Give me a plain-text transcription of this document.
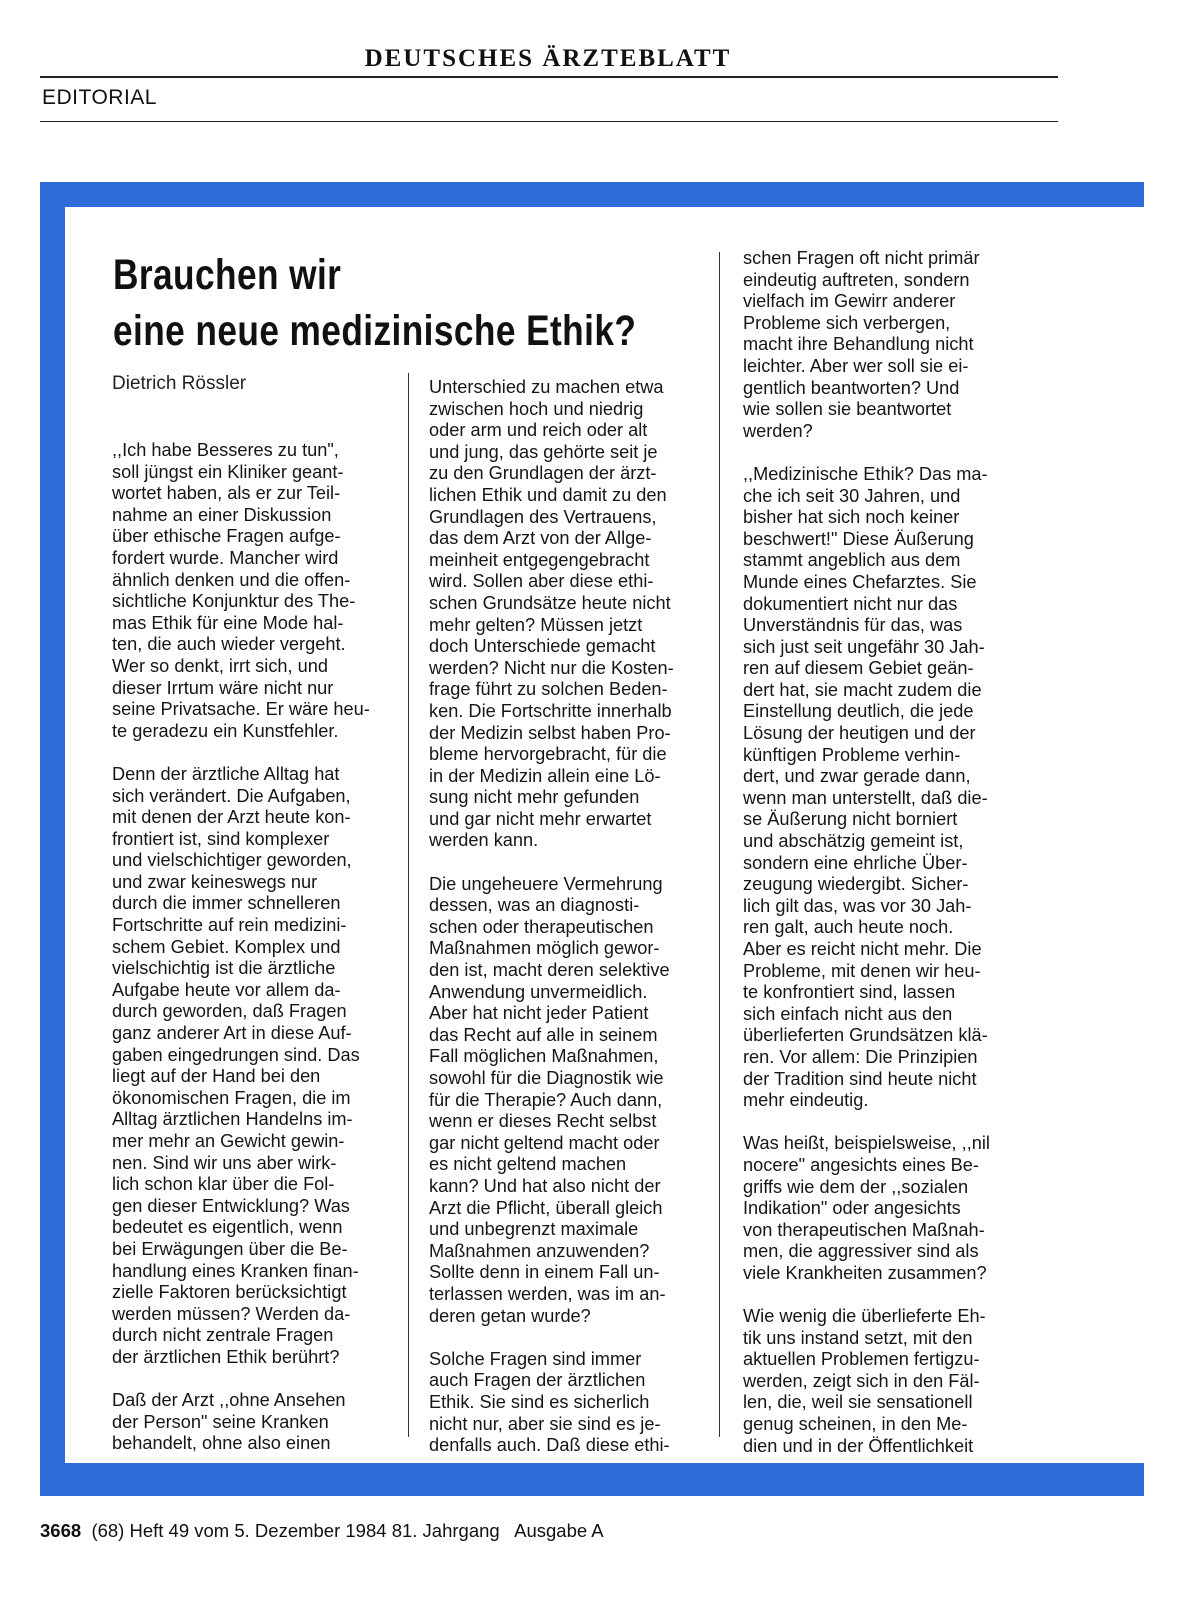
DEUTSCHES ÄRZTEBLATT
EDITORIAL
Brauchen wir
eine neue medizinische Ethik?
Dietrich Rössler

,,Ich habe Besseres zu tun",
soll jüngst ein Kliniker geant-
wortet haben, als er zur Teil-
nahme an einer Diskussion
über ethische Fragen aufge-
fordert wurde. Mancher wird
ähnlich denken und die offen-
sichtliche Konjunktur des The-
mas Ethik für eine Mode hal-
ten, die auch wieder vergeht.
Wer so denkt, irrt sich, und
dieser Irrtum wäre nicht nur
seine Privatsache. Er wäre heu-
te geradezu ein Kunstfehler.

Denn der ärztliche Alltag hat
sich verändert. Die Aufgaben,
mit denen der Arzt heute kon-
frontiert ist, sind komplexer
und vielschichtiger geworden,
und zwar keineswegs nur
durch die immer schnelleren
Fortschritte auf rein medizini-
schem Gebiet. Komplex und
vielschichtig ist die ärztliche
Aufgabe heute vor allem da-
durch geworden, daß Fragen
ganz anderer Art in diese Auf-
gaben eingedrungen sind. Das
liegt auf der Hand bei den
ökonomischen Fragen, die im
Alltag ärztlichen Handelns im-
mer mehr an Gewicht gewin-
nen. Sind wir uns aber wirk-
lich schon klar über die Fol-
gen dieser Entwicklung? Was
bedeutet es eigentlich, wenn
bei Erwägungen über die Be-
handlung eines Kranken finan-
zielle Faktoren berücksichtigt
werden müssen? Werden da-
durch nicht zentrale Fragen
der ärztlichen Ethik berührt?

Daß der Arzt ,,ohne Ansehen
der Person" seine Kranken
behandelt, ohne also einen

Unterschied zu machen etwa
zwischen hoch und niedrig
oder arm und reich oder alt
und jung, das gehörte seit je
zu den Grundlagen der ärzt-
lichen Ethik und damit zu den
Grundlagen des Vertrauens,
das dem Arzt von der Allge-
meinheit entgegengebracht
wird. Sollen aber diese ethi-
schen Grundsätze heute nicht
mehr gelten? Müssen jetzt
doch Unterschiede gemacht
werden? Nicht nur die Kosten-
frage führt zu solchen Beden-
ken. Die Fortschritte innerhalb
der Medizin selbst haben Pro-
bleme hervorgebracht, für die
in der Medizin allein eine Lö-
sung nicht mehr gefunden
und gar nicht mehr erwartet
werden kann.

Die ungeheuere Vermehrung
dessen, was an diagnosti-
schen oder therapeutischen
Maßnahmen möglich gewor-
den ist, macht deren selektive
Anwendung unvermeidlich.
Aber hat nicht jeder Patient
das Recht auf alle in seinem
Fall möglichen Maßnahmen,
sowohl für die Diagnostik wie
für die Therapie? Auch dann,
wenn er dieses Recht selbst
gar nicht geltend macht oder
es nicht geltend machen
kann? Und hat also nicht der
Arzt die Pflicht, überall gleich
und unbegrenzt maximale
Maßnahmen anzuwenden?
Sollte denn in einem Fall un-
terlassen werden, was im an-
deren getan wurde?

Solche Fragen sind immer
auch Fragen der ärztlichen
Ethik. Sie sind es sicherlich
nicht nur, aber sie sind es je-
denfalls auch. Daß diese ethi-

schen Fragen oft nicht primär
eindeutig auftreten, sondern
vielfach im Gewirr anderer
Probleme sich verbergen,
macht ihre Behandlung nicht
leichter. Aber wer soll sie ei-
gentlich beantworten? Und
wie sollen sie beantwortet
werden?

,,Medizinische Ethik? Das ma-
che ich seit 30 Jahren, und
bisher hat sich noch keiner
beschwert!" Diese Äußerung
stammt angeblich aus dem
Munde eines Chefarztes. Sie
dokumentiert nicht nur das
Unverständnis für das, was
sich just seit ungefähr 30 Jah-
ren auf diesem Gebiet geän-
dert hat, sie macht zudem die
Einstellung deutlich, die jede
Lösung der heutigen und der
künftigen Probleme verhin-
dert, und zwar gerade dann,
wenn man unterstellt, daß die-
se Äußerung nicht borniert
und abschätzig gemeint ist,
sondern eine ehrliche Über-
zeugung wiedergibt. Sicher-
lich gilt das, was vor 30 Jah-
ren galt, auch heute noch.
Aber es reicht nicht mehr. Die
Probleme, mit denen wir heu-
te konfrontiert sind, lassen
sich einfach nicht aus den
überlieferten Grundsätzen klä-
ren. Vor allem: Die Prinzipien
der Tradition sind heute nicht
mehr eindeutig.

Was heißt, beispielsweise, ,,nil
nocere" angesichts eines Be-
griffs wie dem der ,,sozialen
Indikation" oder angesichts
von therapeutischen Maßnah-
men, die aggressiver sind als
viele Krankheiten zusammen?

Wie wenig die überlieferte Eh-
tik uns instand setzt, mit den
aktuellen Problemen fertigzu-
werden, zeigt sich in den Fäl-
len, die, weil sie sensationell
genug scheinen, in den Me-
dien und in der Öffentlichkeit

3668 (68) Heft 49 vom 5. Dezember 1984 81. Jahrgang Ausgabe A
